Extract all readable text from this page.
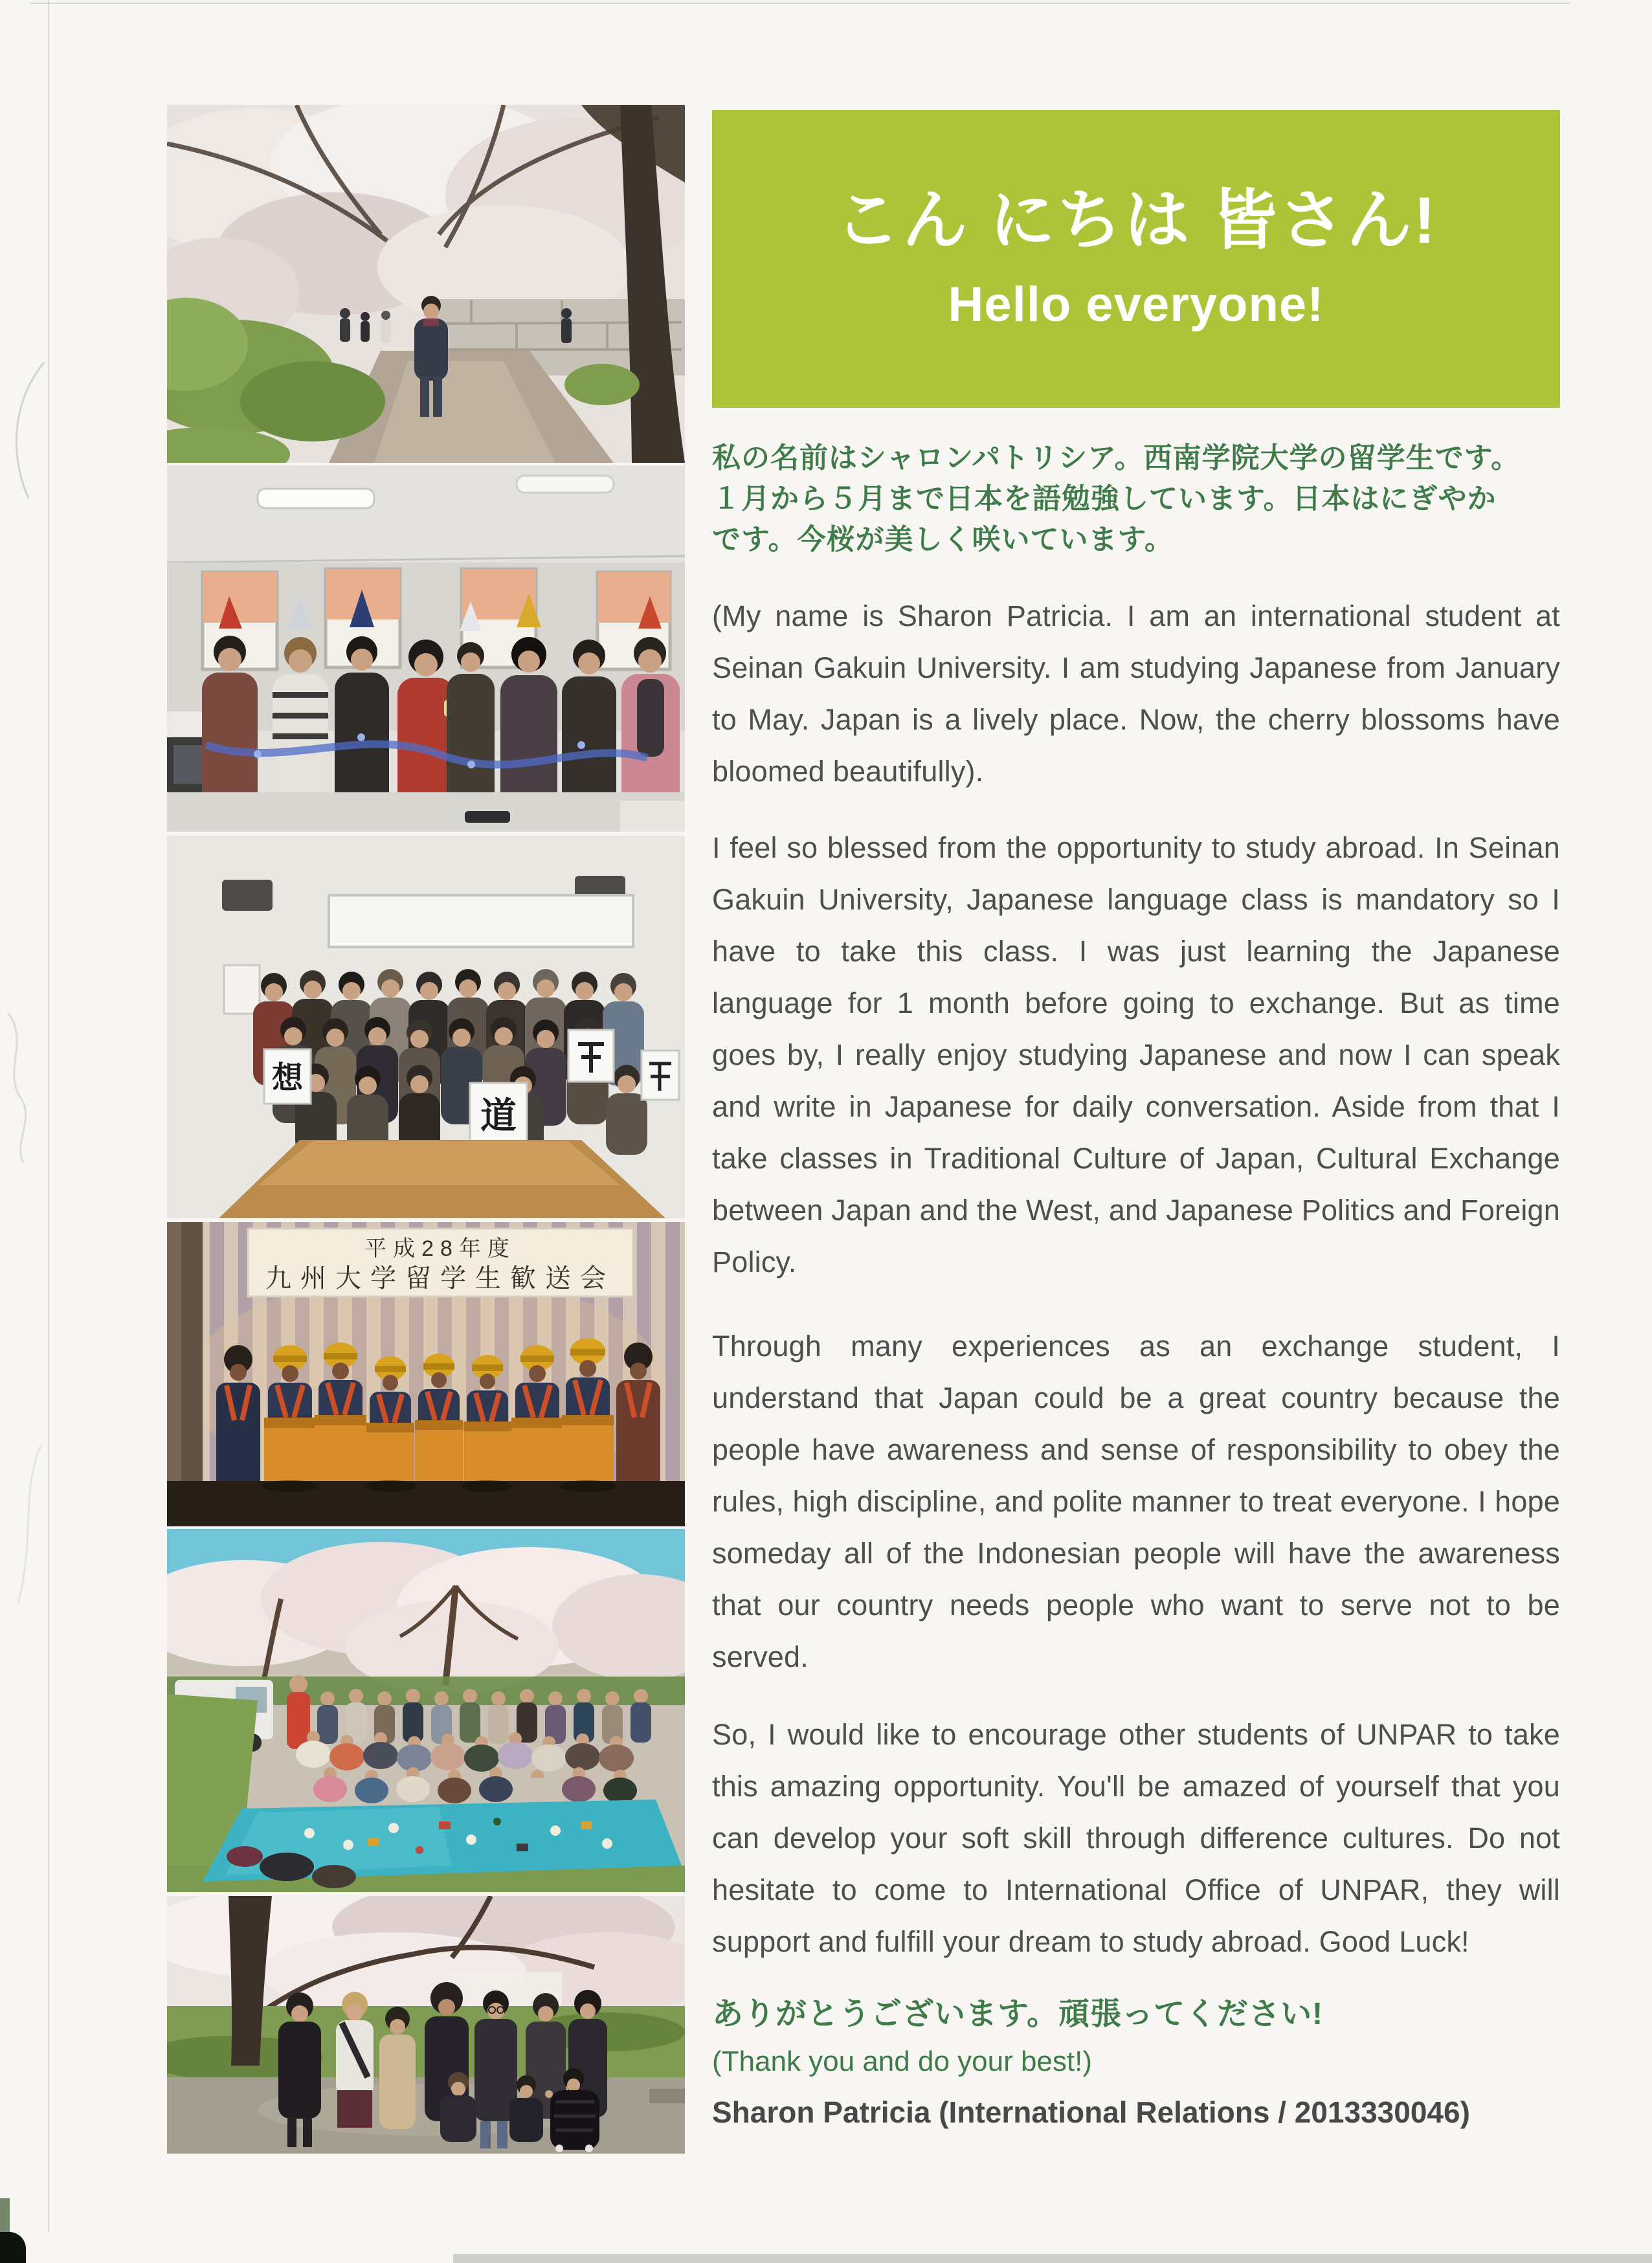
想
道
平成28年度
九州大学留学生歓送会
こん にちは 皆さん!
Hello everyone!
私の名前はシャロンパトリシア。西南学院大学の留学生です。
１月から５月まで日本を語勉強しています。日本はにぎやか
です。今桜が美しく咲いています。
(My name is Sharon Patricia. I am an international student at Seinan Gakuin University. I am studying Japanese from January to May. Japan is a lively place. Now, the cherry blossoms have bloomed beautifully).
I feel so blessed from the opportunity to study abroad. In Seinan Gakuin University, Japanese language class is mandatory so I have to take this class. I was just learning the Japanese language for 1 month before going to exchange. But as time goes by, I really enjoy studying Japanese and now I can speak and write in Japanese for daily conversation. Aside from that I take classes in Traditional Culture of Japan, Cultural Exchange between Japan and the West, and Japanese Politics and Foreign Policy.
Through many experiences as an exchange student, I understand that Japan could be a great country because the people have awareness and sense of responsibility to obey the rules, high discipline, and polite manner to treat everyone. I hope someday all of the Indonesian people will have the awareness that our country needs people who want to serve not to be served.
So, I would like to encourage other students of UNPAR to take this amazing opportunity. You'll be amazed of yourself that you can develop your soft skill through difference cultures. Do not hesitate to come to International Office of UNPAR, they will support and fulfill your dream to study abroad. Good Luck!
ありがとうございます。頑張ってください!
(Thank you and do your best!)
Sharon Patricia (International Relations / 2013330046)
